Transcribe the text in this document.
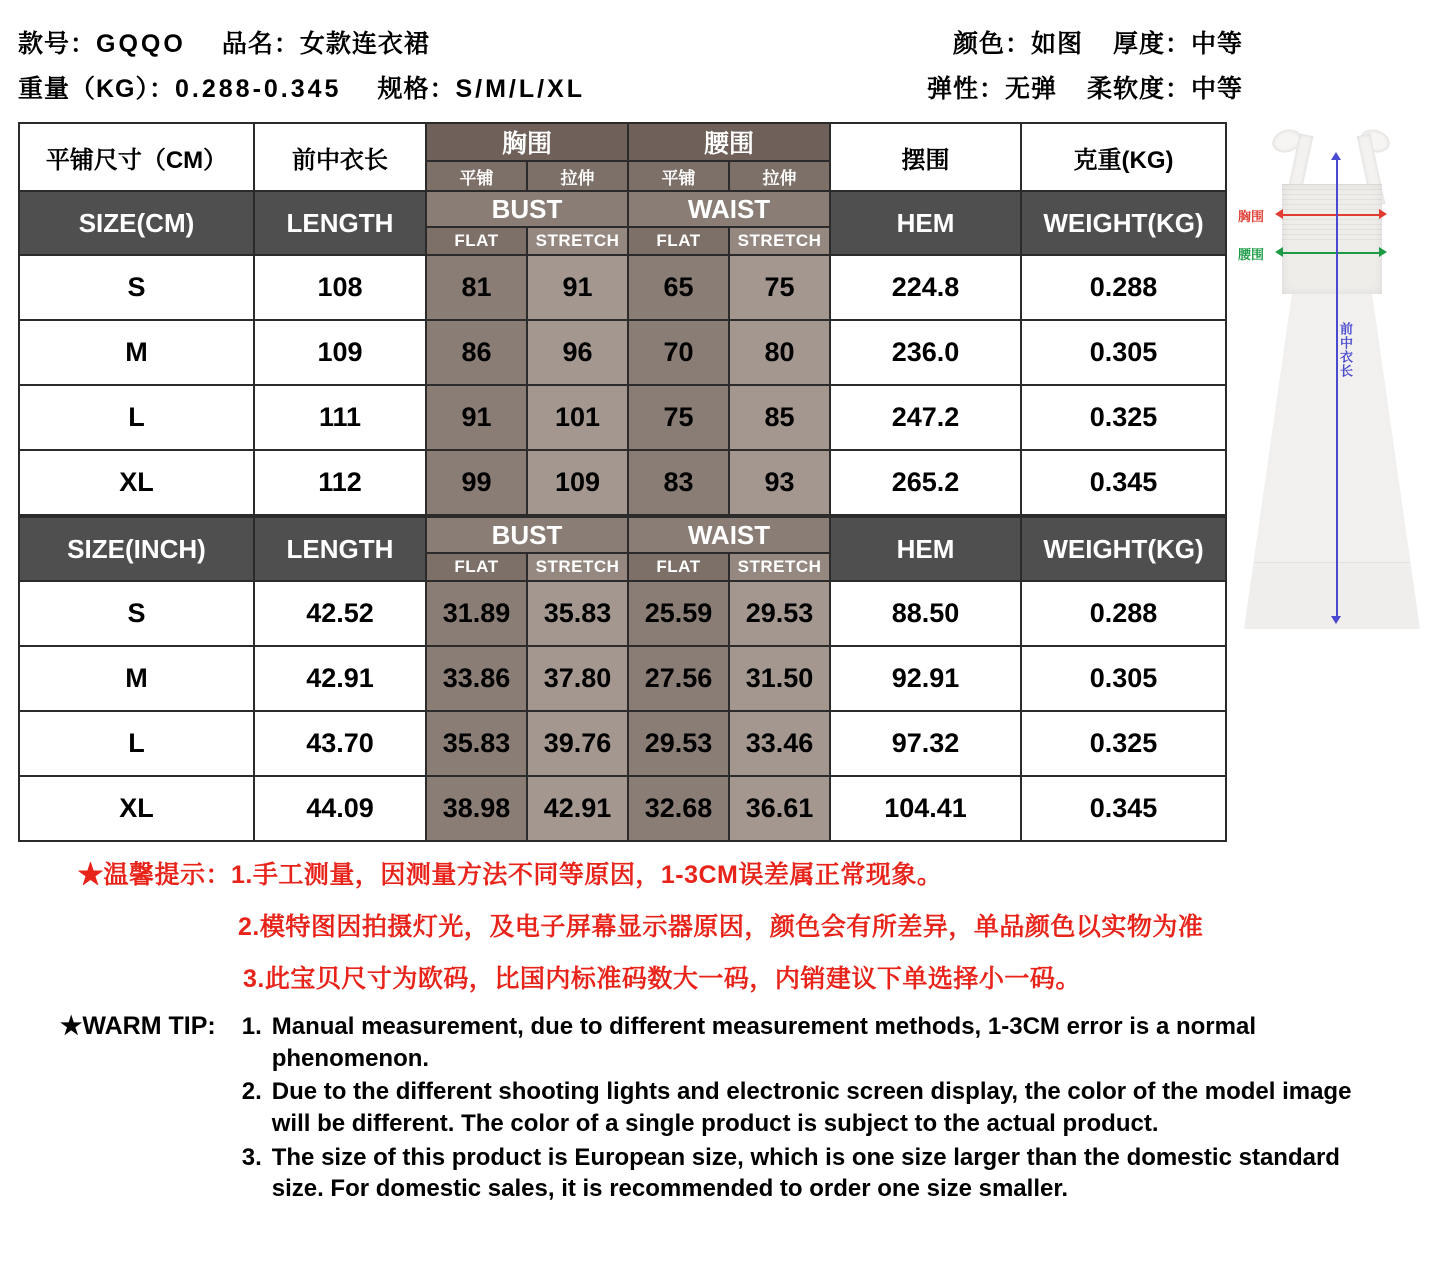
款号： GQQO 品名： 女款连衣裙	颜色： 如图 厚度： 中等
重量（KG）： 0.288-0.345 规格： S/M/L/XL	弹性： 无弹 柔软度： 中等
平铺尺寸（CM）	前中衣长	胸围		腰围		摆围	克重(KG)
		平铺	拉伸	平铺	拉伸		
SIZE(CM)	LENGTH	BUST		WAIST		HEM	WEIGHT(KG)
		FLAT	STRETCH	FLAT	STRETCH		
S	108	81	91	65	75	224.8	0.288
M	109	86	96	70	80	236.0	0.305
L	111	91	101	75	85	247.2	0.325
XL	112	99	109	83	93	265.2	0.345
SIZE(INCH)	LENGTH	BUST		WAIST		HEM	WEIGHT(KG)
		FLAT	STRETCH	FLAT	STRETCH		
S	42.52	31.89	35.83	25.59	29.53	88.50	0.288
M	42.91	33.86	37.80	27.56	31.50	92.91	0.305
L	43.70	35.83	39.76	29.53	33.46	97.32	0.325
XL	44.09	38.98	42.91	32.68	36.61	104.41	0.345
胸围
腰围
前中衣长
★温馨提示：1.手工测量，因测量方法不同等原因，1-3CM误差属正常现象。
2.模特图因拍摄灯光，及电子屏幕显示器原因，颜色会有所差异，单品颜色以实物为准
3.此宝贝尺寸为欧码，比国内标准码数大一码，内销建议下单选择小一码。
★WARM TIP:	1. Manual measurement, due to different measurement methods, 1-3CM error is a normal phenomenon.
2. Due to the different shooting lights and electronic screen display, the color of the model image will be different. The color of a single product is subject to the actual product.
3. The size of this product is European size, which is one size larger than the domestic standard size. For domestic sales, it is recommended to order one size smaller.
